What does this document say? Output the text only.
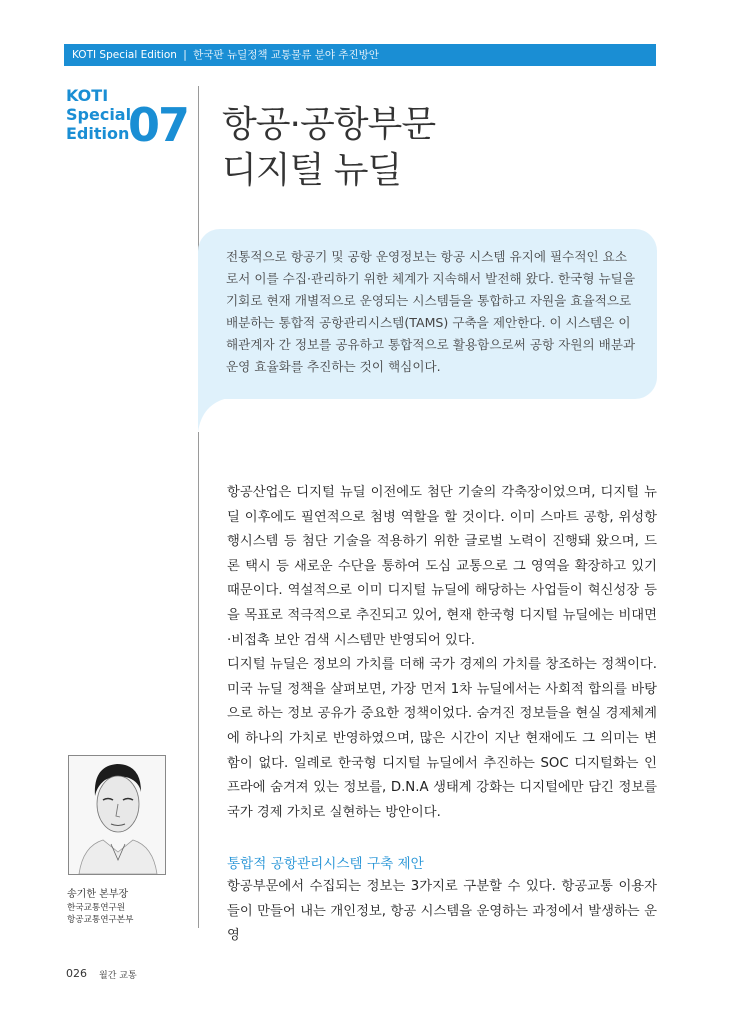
KOTI Special Edition | 한국판 뉴딜정책 교통물류 분야 추진방안
KOTI
Special
Edition
07 항공·공항부문
디지털 뉴딜
전통적으로 항공기 및 공항 운영정보는 항공 시스템 유지에 필수적인 요소로서 이를 수집·관리하기 위한 체계가 지속해서 발전해 왔다. 한국형 뉴딜을 기회로 현재 개별적으로 운영되는 시스템들을 통합하고 자원을 효율적으로 배분하는 통합적 공항관리시스템(TAMS) 구축을 제안한다. 이 시스템은 이해관계자 간 정보를 공유하고 통합적으로 활용함으로써 공항 자원의 배분과 운영 효율화를 추진하는 것이 핵심이다.

항공산업은 디지털 뉴딜 이전에도 첨단 기술의 각축장이었으며, 디지털 뉴딜 이후에도 필연적으로 첨병 역할을 할 것이다. 이미 스마트 공항, 위성항행시스템 등 첨단 기술을 적용하기 위한 글로벌 노력이 진행돼 왔으며, 드론 택시 등 새로운 수단을 통하여 도심 교통으로 그 영역을 확장하고 있기 때문이다. 역설적으로 이미 디지털 뉴딜에 해당하는 사업들이 혁신성장 등을 목표로 적극적으로 추진되고 있어, 현재 한국형 디지털 뉴딜에는 비대면·비접촉 보안 검색 시스템만 반영되어 있다.

디지털 뉴딜은 정보의 가치를 더해 국가 경제의 가치를 창조하는 정책이다. 미국 뉴딜 정책을 살펴보면, 가장 먼저 1차 뉴딜에서는 사회적 합의를 바탕으로 하는 정보 공유가 중요한 정책이었다. 숨겨진 정보들을 현실 경제체계에 하나의 가치로 반영하였으며, 많은 시간이 지난 현재에도 그 의미는 변함이 없다. 일례로 한국형 디지털 뉴딜에서 추진하는 SOC 디지털화는 인프라에 숨겨져 있는 정보를, D.N.A 생태계 강화는 디지털에만 담긴 정보를 국가 경제 가치로 실현하는 방안이다.

통합적 공항관리시스템 구축 제안
항공부문에서 수집되는 정보는 3가지로 구분할 수 있다. 항공교통 이용자들이 만들어 내는 개인정보, 항공 시스템을 운영하는 과정에서 발생하는 운영
송기한 본부장
한국교통연구원
항공교통연구본부
026 월간 교통
